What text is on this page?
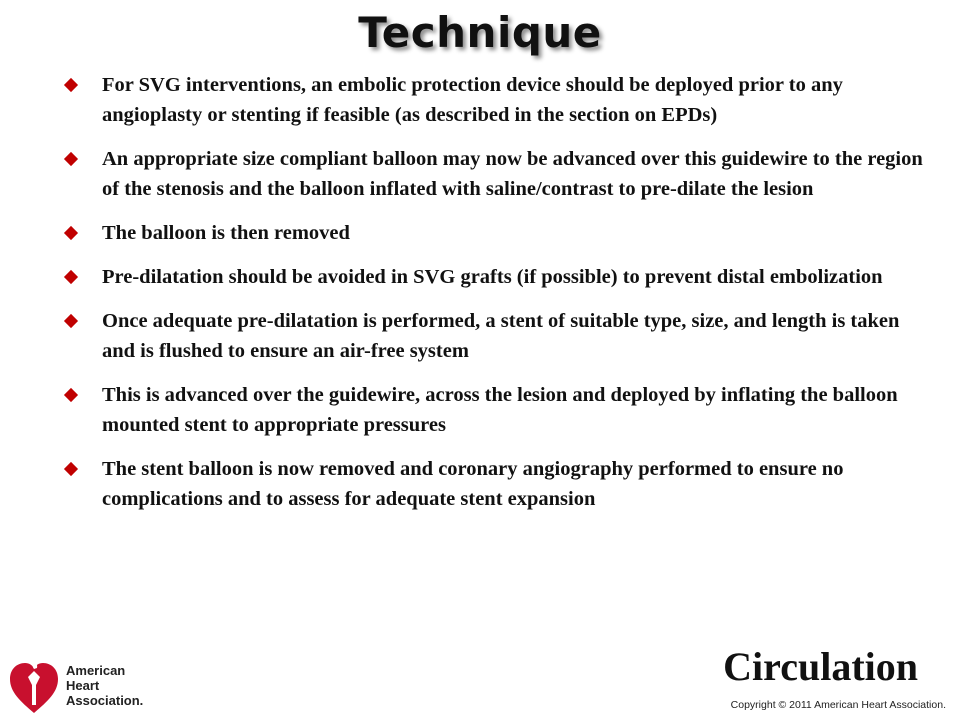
Technique
For SVG interventions, an embolic protection device should be deployed prior to any angioplasty or stenting if feasible (as described in the section on EPDs)
An appropriate size compliant balloon may now be advanced over this guidewire to the region of the stenosis and the balloon inflated with saline/contrast to pre-dilate the lesion
The balloon is then removed
Pre-dilatation should be avoided in SVG grafts (if possible) to prevent distal embolization
Once adequate pre-dilatation is performed, a stent of suitable type, size, and length is taken and is flushed to ensure an air-free system
This is advanced over the guidewire, across the lesion and deployed by inflating the balloon mounted stent to appropriate pressures
The stent balloon is now removed and coronary angiography performed to ensure no complications and to assess for adequate stent expansion
American
Heart
Association.
Circulation
Copyright © 2011 American Heart Association.
